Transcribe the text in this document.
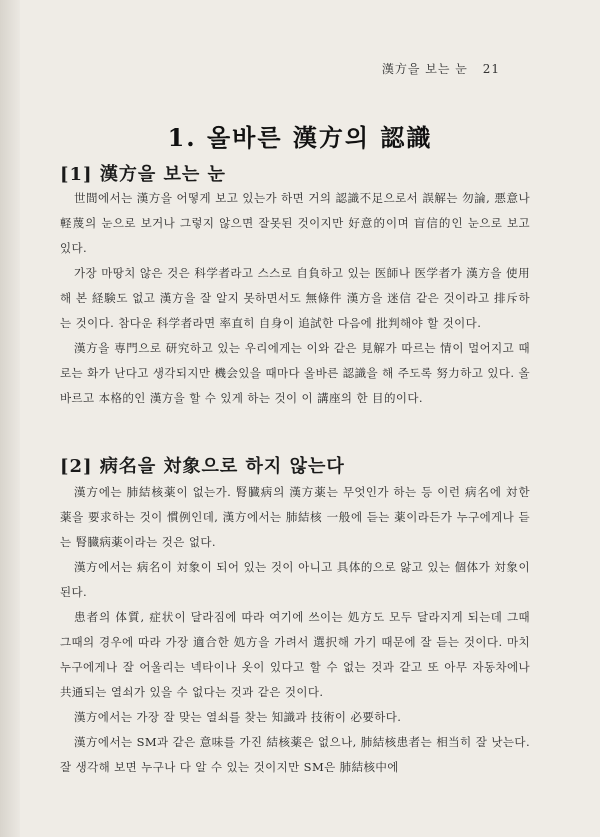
漢方을 보는 눈 21
1. 올바른 漢方의 認識
[1] 漢方을 보는 눈

世間에서는 漢方을 어떻게 보고 있는가 하면 거의 認識不足으로서 誤解는 勿論, 悪意나 軽蔑의 눈으로 보거나 그렇지 않으면 잘못된 것이지만 好意的이며 盲信的인 눈으로 보고 있다.

가장 마땅치 않은 것은 科学者라고 스스로 自負하고 있는 医師나 医学者가 漢方을 使用해 본 経験도 없고 漢方을 잘 알지 못하면서도 無條件 漢方을 迷信 같은 것이라고 排斥하는 것이다. 참다운 科学者라면 率直히 自身이 追試한 다음에 批判해야 할 것이다.

漢方을 専門으로 研究하고 있는 우리에게는 이와 같은 見解가 따르는 情이 멀어지고 때로는 화가 난다고 생각되지만 機会있을 때마다 올바른 認識을 해 주도록 努力하고 있다. 올바르고 本格的인 漢方을 할 수 있게 하는 것이 이 講座의 한 目的이다.

[2] 病名을 対象으로 하지 않는다

漢方에는 肺結核薬이 없는가. 腎臓病의 漢方薬는 무엇인가 하는 등 이런 病名에 対한 薬을 要求하는 것이 慣例인데, 漢方에서는 肺結核 一般에 듣는 薬이라든가 누구에게나 듣는 腎臓病薬이라는 것은 없다.

漢方에서는 病名이 対象이 되어 있는 것이 아니고 具体的으로 앓고 있는 個体가 対象이 된다.

患者의 体質, 症状이 달라짐에 따라 여기에 쓰이는 処方도 모두 달라지게 되는데 그때 그때의 경우에 따라 가장 適合한 処方을 가려서 選択해 가기 때문에 잘 듣는 것이다. 마치 누구에게나 잘 어울리는 넥타이나 옷이 있다고 할 수 없는 것과 같고 또 아무 자동차에나 共通되는 열쇠가 있을 수 없다는 것과 같은 것이다.

漢方에서는 가장 잘 맞는 열쇠를 찾는 知識과 技術이 必要하다.

漢方에서는 SM과 같은 意味를 가진 結核薬은 없으나, 肺結核患者는 相当히 잘 낫는다. 잘 생각해 보면 누구나 다 알 수 있는 것이지만 SM은 肺結核中에
